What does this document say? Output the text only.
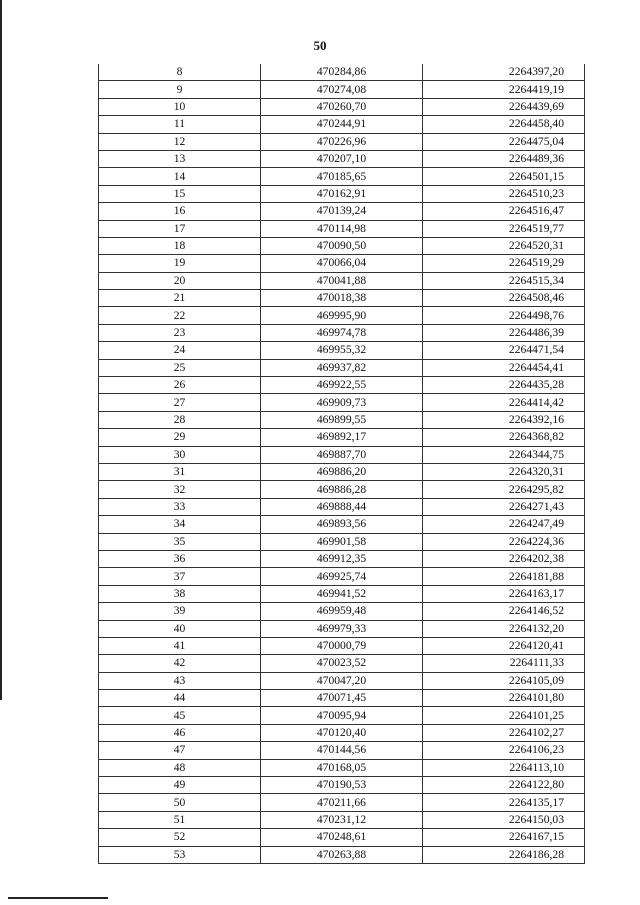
50
8	470284,86	2264397,20
9	470274,08	2264419,19
10	470260,70	2264439,69
11	470244,91	2264458,40
12	470226,96	2264475,04
13	470207,10	2264489,36
14	470185,65	2264501,15
15	470162,91	2264510,23
16	470139,24	2264516,47
17	470114,98	2264519,77
18	470090,50	2264520,31
19	470066,04	2264519,29
20	470041,88	2264515,34
21	470018,38	2264508,46
22	469995,90	2264498,76
23	469974,78	2264486,39
24	469955,32	2264471,54
25	469937,82	2264454,41
26	469922,55	2264435,28
27	469909,73	2264414,42
28	469899,55	2264392,16
29	469892,17	2264368,82
30	469887,70	2264344,75
31	469886,20	2264320,31
32	469886,28	2264295,82
33	469888,44	2264271,43
34	469893,56	2264247,49
35	469901,58	2264224,36
36	469912,35	2264202,38
37	469925,74	2264181,88
38	469941,52	2264163,17
39	469959,48	2264146,52
40	469979,33	2264132,20
41	470000,79	2264120,41
42	470023,52	2264111,33
43	470047,20	2264105,09
44	470071,45	2264101,80
45	470095,94	2264101,25
46	470120,40	2264102,27
47	470144,56	2264106,23
48	470168,05	2264113,10
49	470190,53	2264122,80
50	470211,66	2264135,17
51	470231,12	2264150,03
52	470248,61	2264167,15
53	470263,88	2264186,28
